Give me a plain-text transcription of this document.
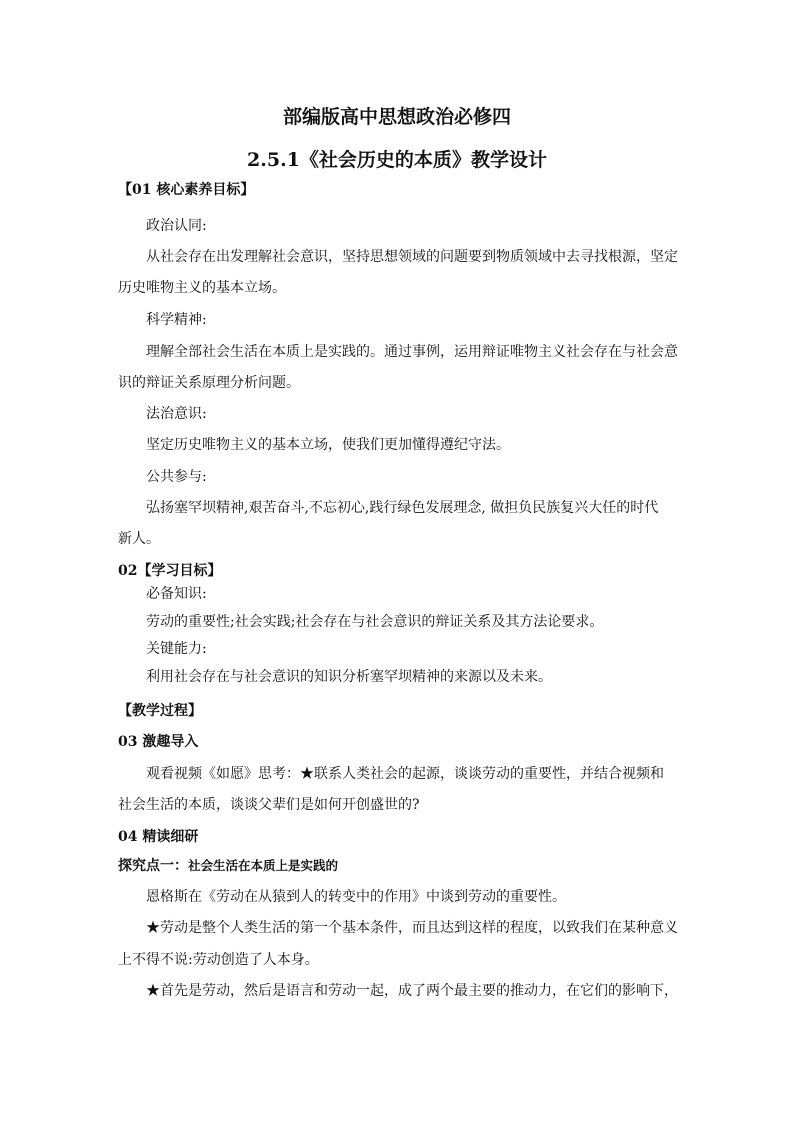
部编版高中思想政治必修四
2.5.1《社会历史的本质》教学设计
【01 核心素养目标】
政治认同:
从社会存在出发理解社会意识，坚持思想领域的问题要到物质领域中去寻找根源，坚定
历史唯物主义的基本立场。
科学精神:
理解全部社会生活在本质上是实践的。通过事例，运用辩证唯物主义社会存在与社会意
识的辩证关系原理分析问题。
法治意识:
坚定历史唯物主义的基本立场，使我们更加懂得遵纪守法。
公共参与:
弘扬塞罕坝精神,艰苦奋斗,不忘初心,践行绿色发展理念, 做担负民族复兴大任的时代
新人。
02【学习目标】
必备知识:
劳动的重要性;社会实践;社会存在与社会意识的辩证关系及其方法论要求。
关键能力:
利用社会存在与社会意识的知识分析塞罕坝精神的来源以及未来。
【教学过程】
03 激趣导入
观看视频《如愿》思考：★联系人类社会的起源，谈谈劳动的重要性，并结合视频和
社会生活的本质，谈谈父辈们是如何开创盛世的?
04 精读细研
探究点一：社会生活在本质上是实践的
恩格斯在《劳动在从猿到人的转变中的作用》中谈到劳动的重要性。
★劳动是整个人类生活的第一个基本条件，而且达到这样的程度，以致我们在某种意义
上不得不说:劳动创造了人本身。
★首先是劳动，然后是语言和劳动一起，成了两个最主要的推动力，在它们的影响下，
